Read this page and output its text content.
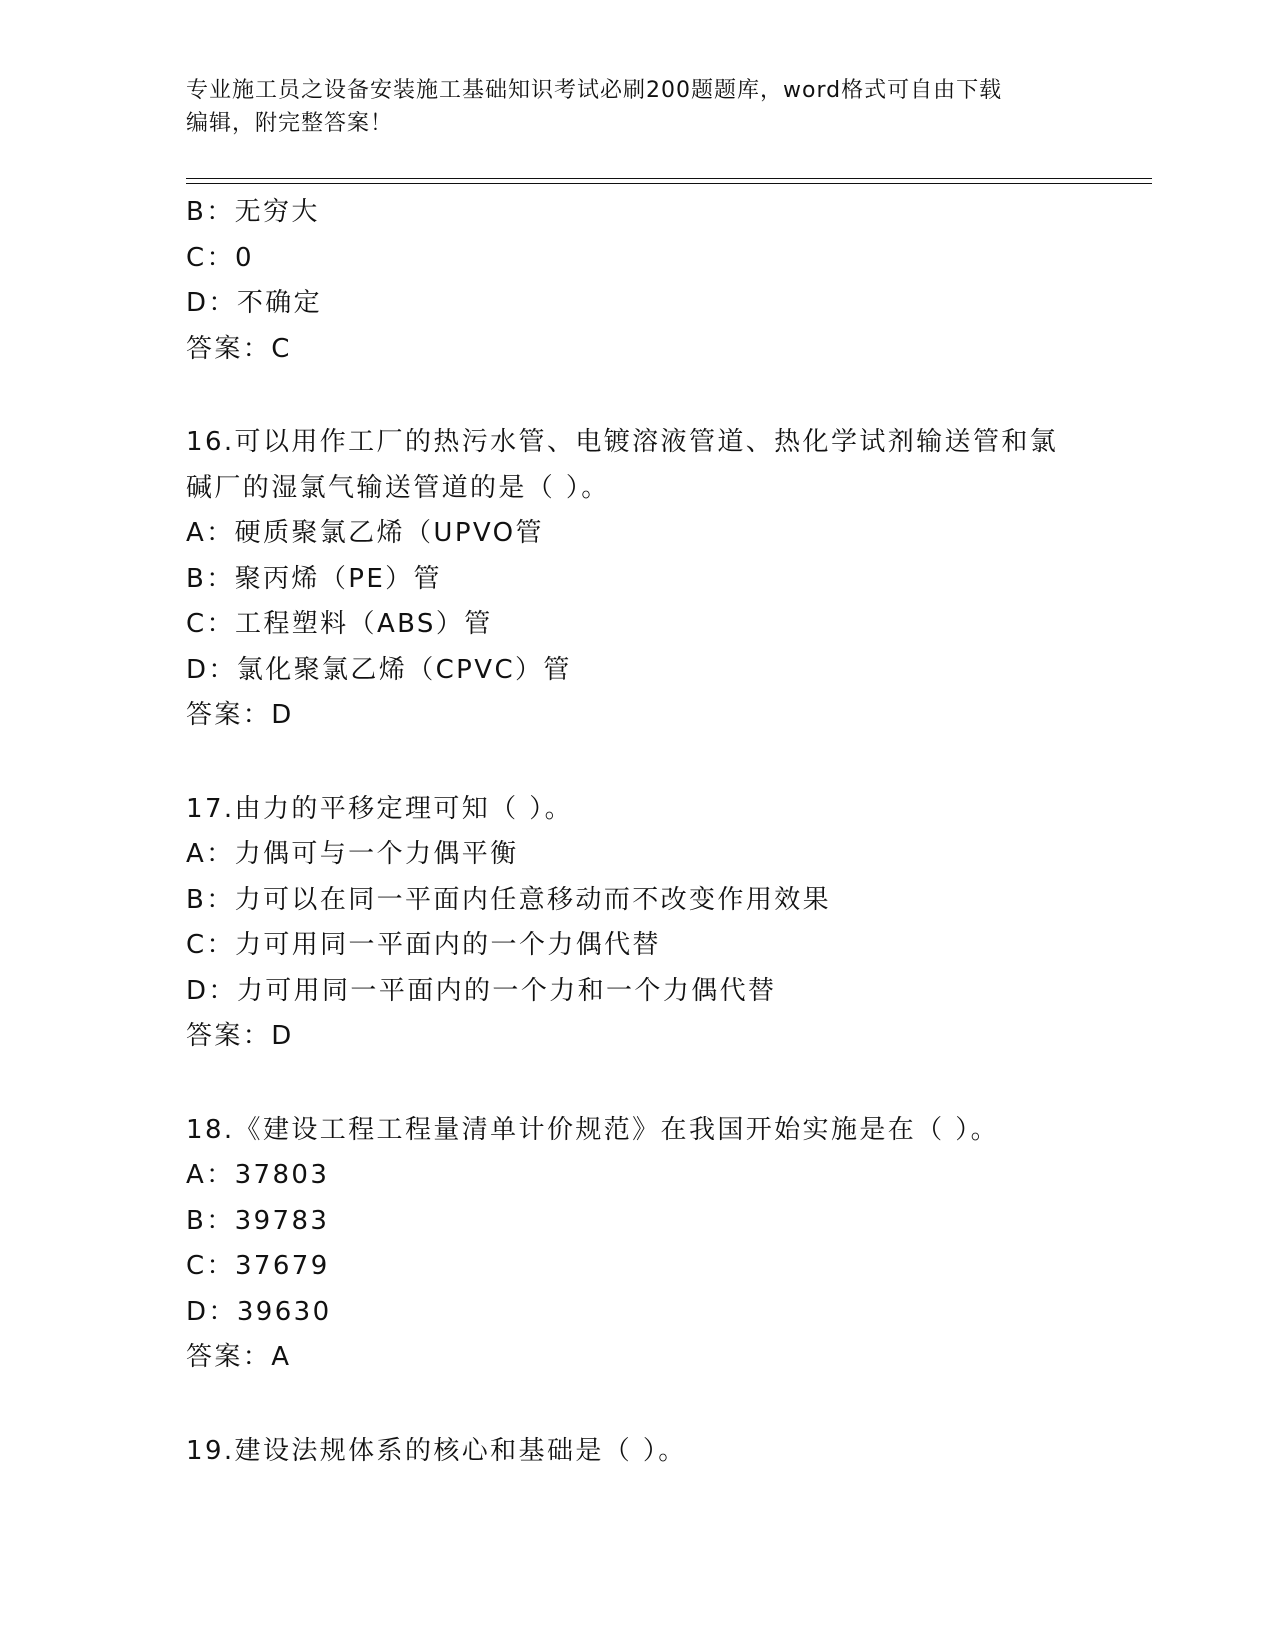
专业施工员之设备安装施工基础知识考试必刷200题题库，word格式可自由下载
编辑，附完整答案！
B：无穷大
C：0
D：不确定
答案：C
16.可以用作工厂的热污水管、电镀溶液管道、热化学试剂输送管和氯
碱厂的湿氯气输送管道的是（ ）。
A：硬质聚氯乙烯（UPVO管
B：聚丙烯（PE）管
C：工程塑料（ABS）管
D：氯化聚氯乙烯（CPVC）管
答案：D
17.由力的平移定理可知（ ）。
A：力偶可与一个力偶平衡
B：力可以在同一平面内任意移动而不改变作用效果
C：力可用同一平面内的一个力偶代替
D：力可用同一平面内的一个力和一个力偶代替
答案：D
18.《建设工程工程量清单计价规范》在我国开始实施是在（ ）。
A：37803
B：39783
C：37679
D：39630
答案：A
19.建设法规体系的核心和基础是（ ）。
